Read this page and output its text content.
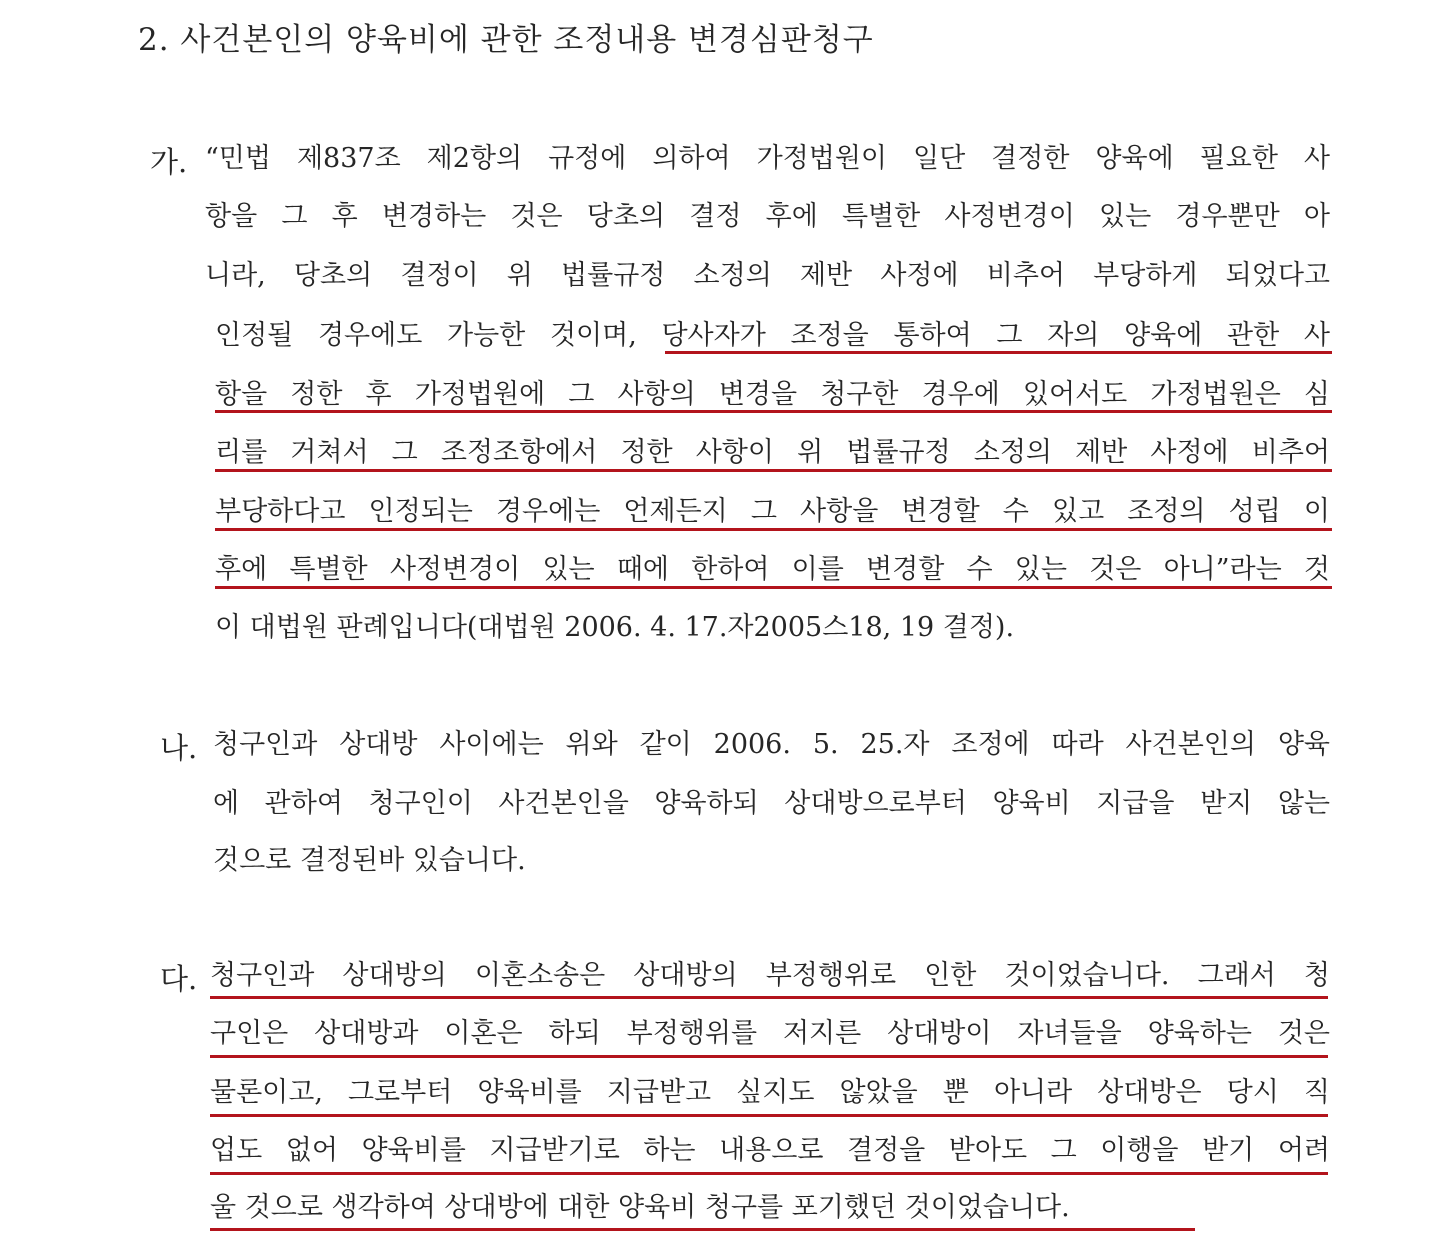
2. 사건본인의 양육비에 관한 조정내용 변경심판청구
가. “민법 제837조 제2항의 규정에 의하여 가정법원이 일단 결정한 양육에 필요한 사
항을 그 후 변경하는 것은 당초의 결정 후에 특별한 사정변경이 있는 경우뿐만 아
니라, 당초의 결정이 위 법률규정 소정의 제반 사정에 비추어 부당하게 되었다고
인정될 경우에도 가능한 것이며, 당사자가 조정을 통하여 그 자의 양육에 관한 사
항을 정한 후 가정법원에 그 사항의 변경을 청구한 경우에 있어서도 가정법원은 심
리를 거쳐서 그 조정조항에서 정한 사항이 위 법률규정 소정의 제반 사정에 비추어
부당하다고 인정되는 경우에는 언제든지 그 사항을 변경할 수 있고 조정의 성립 이
후에 특별한 사정변경이 있는 때에 한하여 이를 변경할 수 있는 것은 아니”라는 것
이 대법원 판례입니다(대법원 2006. 4. 17.자2005스18, 19 결정).
나. 청구인과 상대방 사이에는 위와 같이 2006. 5. 25.자 조정에 따라 사건본인의 양육
에 관하여 청구인이 사건본인을 양육하되 상대방으로부터 양육비 지급을 받지 않는
것으로 결정된바 있습니다.
다. 청구인과 상대방의 이혼소송은 상대방의 부정행위로 인한 것이었습니다. 그래서 청
구인은 상대방과 이혼은 하되 부정행위를 저지른 상대방이 자녀들을 양육하는 것은
물론이고, 그로부터 양육비를 지급받고 싶지도 않았을 뿐 아니라 상대방은 당시 직
업도 없어 양육비를 지급받기로 하는 내용으로 결정을 받아도 그 이행을 받기 어려
울 것으로 생각하여 상대방에 대한 양육비 청구를 포기했던 것이었습니다.
